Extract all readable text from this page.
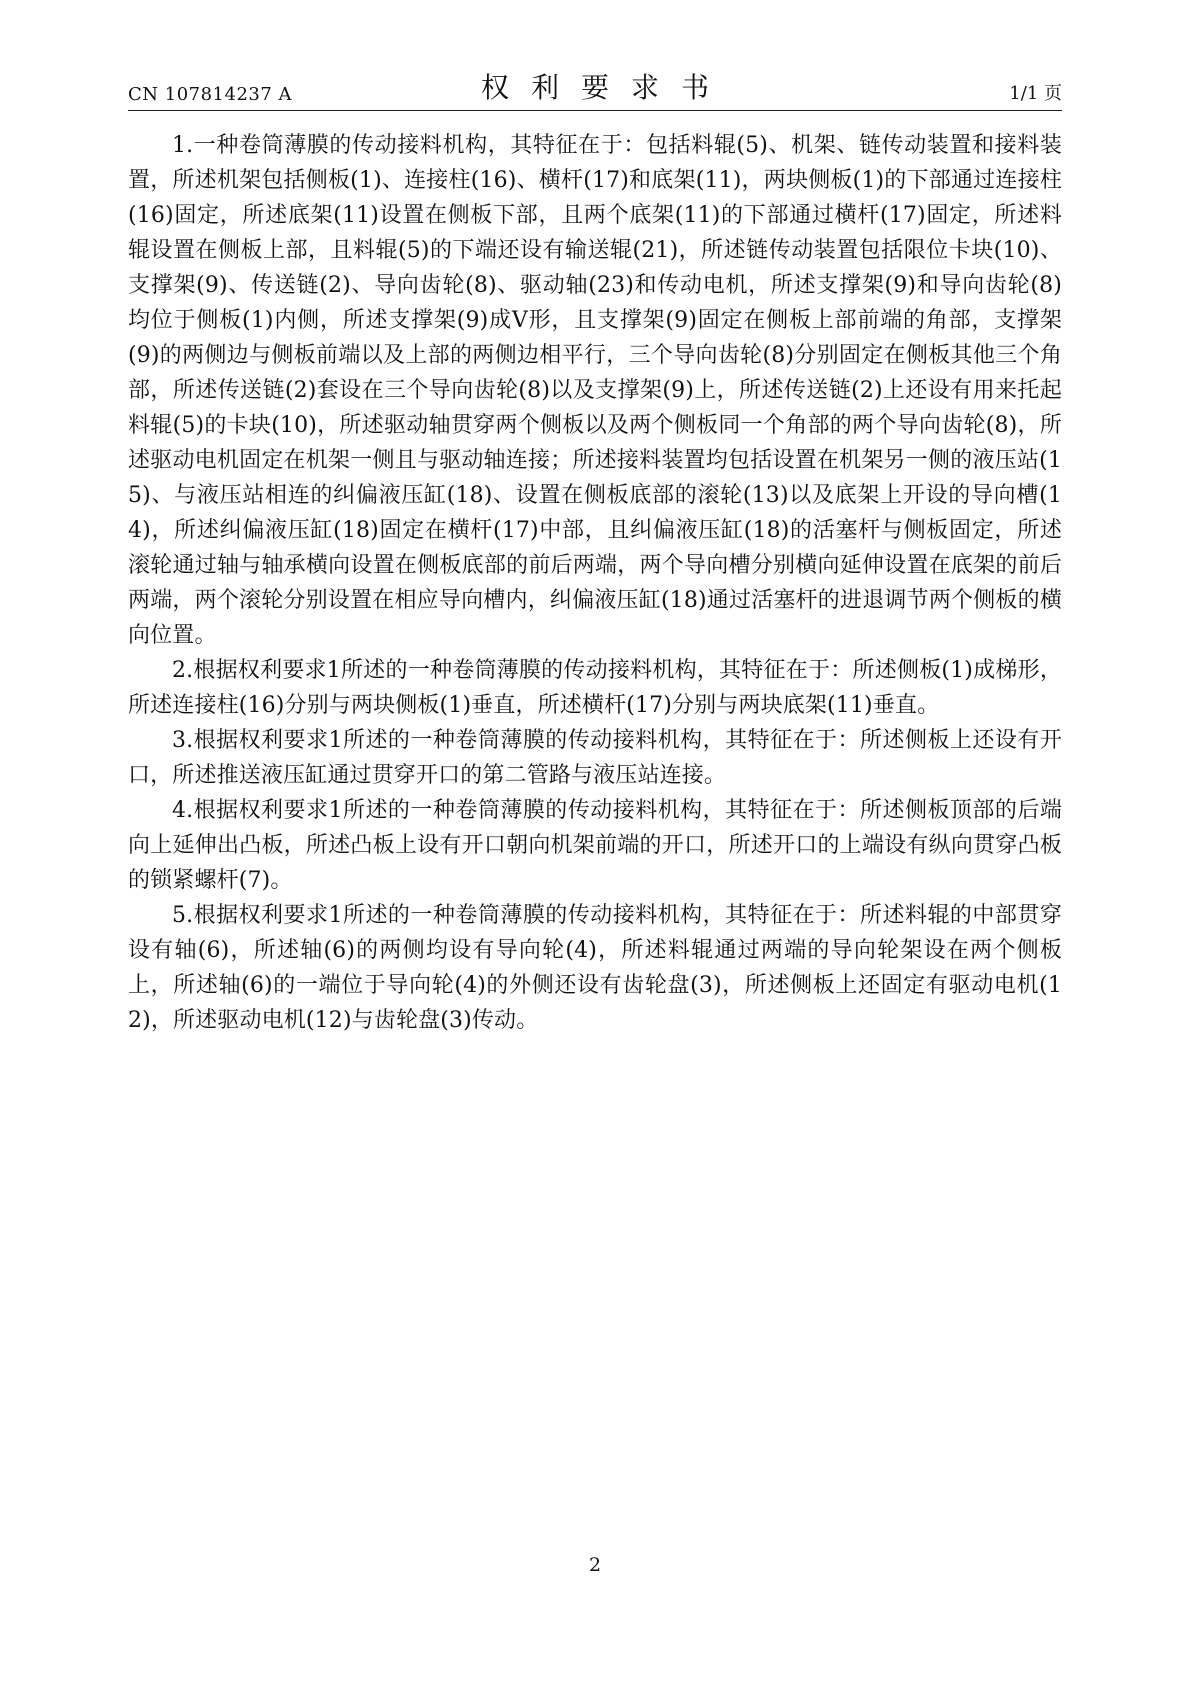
CN 107814237 A	权利要求书	1/1 页

1.一种卷筒薄膜的传动接料机构，其特征在于：包括料辊(5)、机架、链传动装置和接料装置，所述机架包括侧板(1)、连接柱(16)、横杆(17)和底架(11)，两块侧板(1)的下部通过连接柱(16)固定，所述底架(11)设置在侧板下部，且两个底架(11)的下部通过横杆(17)固定，所述料辊设置在侧板上部，且料辊(5)的下端还设有输送辊(21)，所述链传动装置包括限位卡块(10)、支撑架(9)、传送链(2)、导向齿轮(8)、驱动轴(23)和传动电机，所述支撑架(9)和导向齿轮(8)均位于侧板(1)内侧，所述支撑架(9)成V形，且支撑架(9)固定在侧板上部前端的角部，支撑架(9)的两侧边与侧板前端以及上部的两侧边相平行，三个导向齿轮(8)分别固定在侧板其他三个角部，所述传送链(2)套设在三个导向齿轮(8)以及支撑架(9)上，所述传送链(2)上还设有用来托起料辊(5)的卡块(10)，所述驱动轴贯穿两个侧板以及两个侧板同一个角部的两个导向齿轮(8)，所述驱动电机固定在机架一侧且与驱动轴连接；所述接料装置均包括设置在机架另一侧的液压站(15)、与液压站相连的纠偏液压缸(18)、设置在侧板底部的滚轮(13)以及底架上开设的导向槽(14)，所述纠偏液压缸(18)固定在横杆(17)中部，且纠偏液压缸(18)的活塞杆与侧板固定，所述滚轮通过轴与轴承横向设置在侧板底部的前后两端，两个导向槽分别横向延伸设置在底架的前后两端，两个滚轮分别设置在相应导向槽内，纠偏液压缸(18)通过活塞杆的进退调节两个侧板的横向位置。

2.根据权利要求1所述的一种卷筒薄膜的传动接料机构，其特征在于：所述侧板(1)成梯形，所述连接柱(16)分别与两块侧板(1)垂直，所述横杆(17)分别与两块底架(11)垂直。

3.根据权利要求1所述的一种卷筒薄膜的传动接料机构，其特征在于：所述侧板上还设有开口，所述推送液压缸通过贯穿开口的第二管路与液压站连接。

4.根据权利要求1所述的一种卷筒薄膜的传动接料机构，其特征在于：所述侧板顶部的后端向上延伸出凸板，所述凸板上设有开口朝向机架前端的开口，所述开口的上端设有纵向贯穿凸板的锁紧螺杆(7)。

5.根据权利要求1所述的一种卷筒薄膜的传动接料机构，其特征在于：所述料辊的中部贯穿设有轴(6)，所述轴(6)的两侧均设有导向轮(4)，所述料辊通过两端的导向轮架设在两个侧板上，所述轴(6)的一端位于导向轮(4)的外侧还设有齿轮盘(3)，所述侧板上还固定有驱动电机(12)，所述驱动电机(12)与齿轮盘(3)传动。

2
